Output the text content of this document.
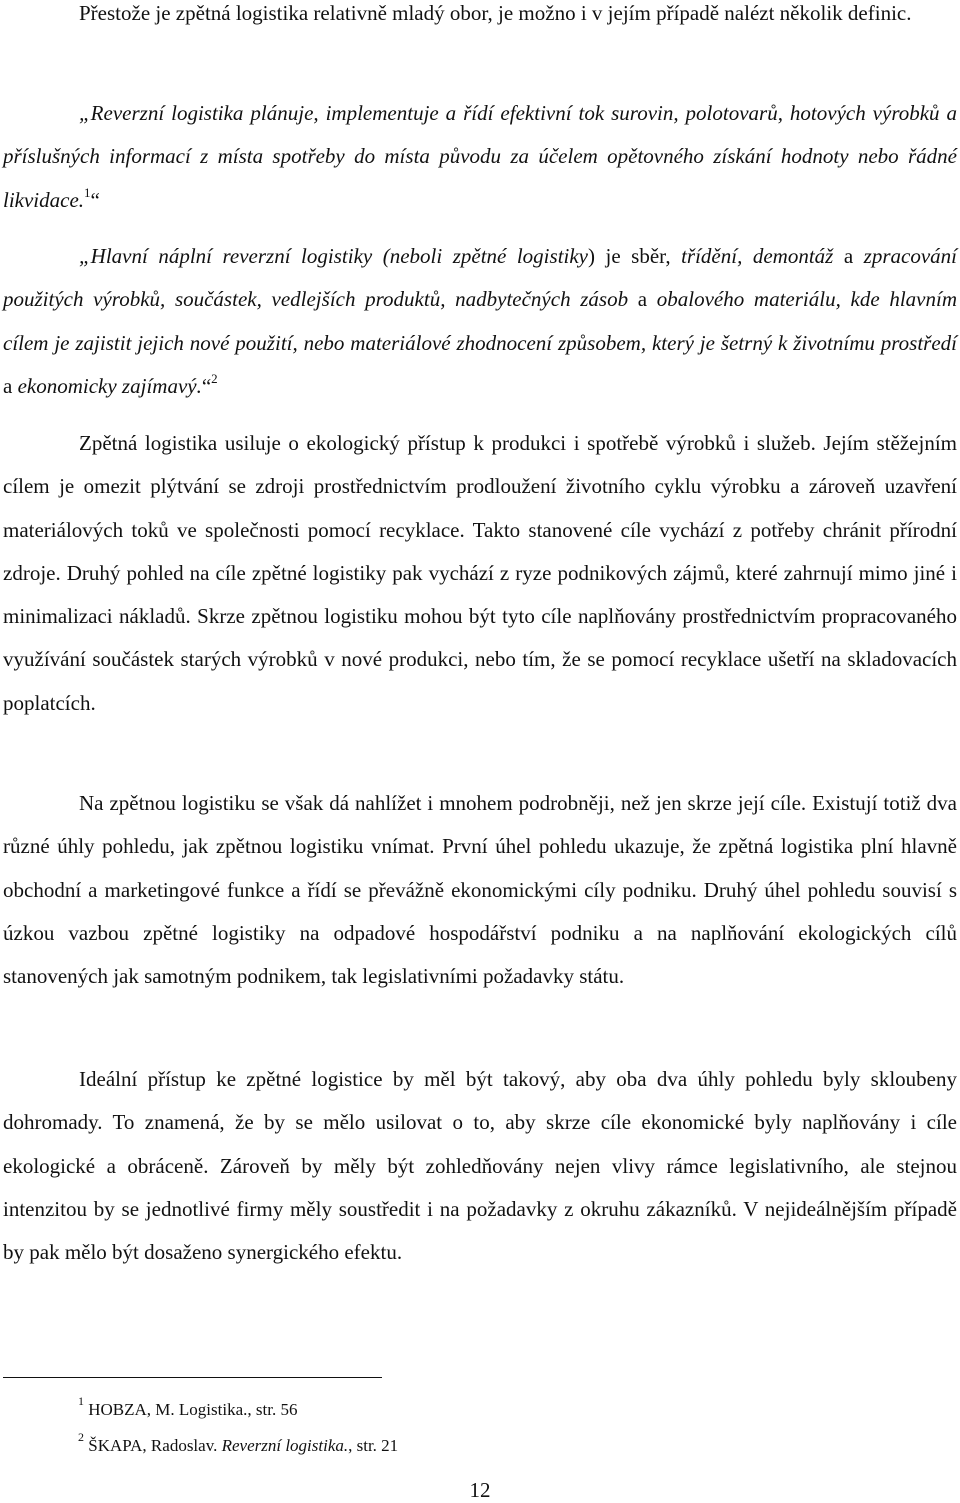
Přestože je zpětná logistika relativně mladý obor, je možno i v jejím případě nalézt několik definic.

„Reverzní logistika plánuje, implementuje a řídí efektivní tok surovin, polotovarů, hotových výrobků a příslušných informací z místa spotřeby do místa původu za účelem opětovného získání hodnoty nebo řádné likvidace.$^1$“

„Hlavní náplní reverzní logistiky (neboli zpětné logistiky) je sběr, třídění, demontáž a zpracování použitých výrobků, součástek, vedlejších produktů, nadbytečných zásob a obalového materiálu, kde hlavním cílem je zajistit jejich nové použití, nebo materiálové zhodnocení způsobem, který je šetrný k životnímu prostředí a ekonomicky zajímavý.“$^2$

Zpětná logistika usiluje o ekologický přístup k produkci i spotřebě výrobků i služeb. Jejím stěžejním cílem je omezit plýtvání se zdroji prostřednictvím prodloužení životního cyklu výrobku a zároveň uzavření materiálových toků ve společnosti pomocí recyklace. Takto stanovené cíle vychází z potřeby chránit přírodní zdroje. Druhý pohled na cíle zpětné logistiky pak vychází z ryze podnikových zájmů, které zahrnují mimo jiné i minimalizaci nákladů. Skrze zpětnou logistiku mohou být tyto cíle naplňovány prostřednictvím propracovaného využívání součástek starých výrobků v nové produkci, nebo tím, že se pomocí recyklace ušetří na skladovacích poplatcích.

Na zpětnou logistiku se však dá nahlížet i mnohem podrobněji, než jen skrze její cíle. Existují totiž dva různé úhly pohledu, jak zpětnou logistiku vnímat. První úhel pohledu ukazuje, že zpětná logistika plní hlavně obchodní a marketingové funkce a řídí se převážně ekonomickými cíly podniku. Druhý úhel pohledu souvisí s úzkou vazbou zpětné logistiky na odpadové hospodářství podniku a na naplňování ekologických cílů stanovených jak samotným podnikem, tak legislativními požadavky státu.

Ideální přístup ke zpětné logistice by měl být takový, aby oba dva úhly pohledu byly skloubeny dohromady. To znamená, že by se mělo usilovat o to, aby skrze cíle ekonomické byly naplňovány i cíle ekologické a obráceně. Zároveň by měly být zohledňovány nejen vlivy rámce legislativního, ale stejnou intenzitou by se jednotlivé firmy měly soustředit i na požadavky z okruhu zákazníků. V nejideálnějším případě by pak mělo být dosaženo synergického efektu.

$^1$ HOBZA, M. Logistika., str. 56
$^2$ ŠKAPA, Radoslav. Reverzní logistika., str. 21
12
